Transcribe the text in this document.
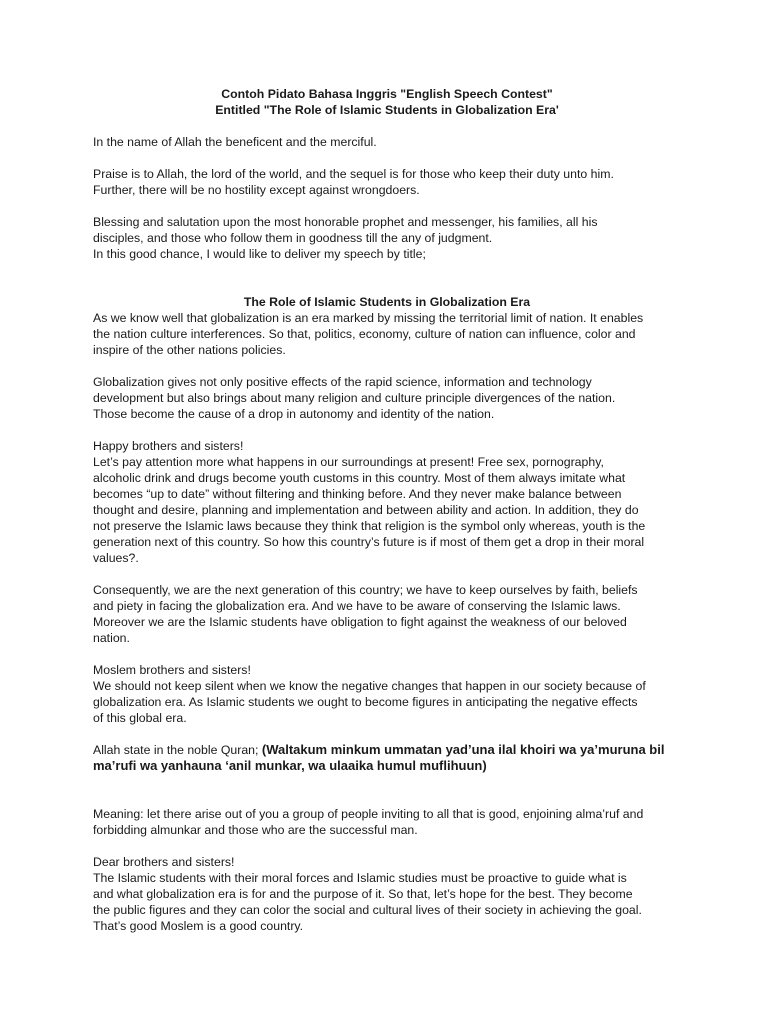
Contoh Pidato Bahasa Inggris "English Speech Contest"

Entitled "The Role of Islamic Students in Globalization Era'

In the name of Allah the beneficent and the merciful.

Praise is to Allah, the lord of the world, and the sequel is for those who keep their duty unto him.
Further, there will be no hostility except against wrongdoers.

Blessing and salutation upon the most honorable prophet and messenger, his families, all his
disciples, and those who follow them in goodness till the any of judgment.
In this good chance, I would like to deliver my speech by title;

The Role of Islamic Students in Globalization Era

As we know well that globalization is an era marked by missing the territorial limit of nation. It enables
the nation culture interferences. So that, politics, economy, culture of nation can influence, color and
inspire of the other nations policies.

Globalization gives not only positive effects of the rapid science, information and technology
development but also brings about many religion and culture principle divergences of the nation.
Those become the cause of a drop in autonomy and identity of the nation.

Happy brothers and sisters!
Let’s pay attention more what happens in our surroundings at present! Free sex, pornography,
alcoholic drink and drugs become youth customs in this country. Most of them always imitate what
becomes “up to date” without filtering and thinking before. And they never make balance between
thought and desire, planning and implementation and between ability and action. In addition, they do
not preserve the Islamic laws because they think that religion is the symbol only whereas, youth is the
generation next of this country. So how this country’s future is if most of them get a drop in their moral
values?.

Consequently, we are the next generation of this country; we have to keep ourselves by faith, beliefs
and piety in facing the globalization era. And we have to be aware of conserving the Islamic laws.
Moreover we are the Islamic students have obligation to fight against the weakness of our beloved
nation.

Moslem brothers and sisters!
We should not keep silent when we know the negative changes that happen in our society because of
globalization era. As Islamic students we ought to become figures in anticipating the negative effects
of this global era.

Allah state in the noble Quran; (Waltakum minkum ummatan yad’una ilal khoiri wa ya’muruna bil
ma’rufi wa yanhauna ‘anil munkar, wa ulaaika humul muflihuun)

Meaning: let there arise out of you a group of people inviting to all that is good, enjoining alma’ruf and
forbidding almunkar and those who are the successful man.

Dear brothers and sisters!
The Islamic students with their moral forces and Islamic studies must be proactive to guide what is
and what globalization era is for and the purpose of it. So that, let’s hope for the best. They become
the public figures and they can color the social and cultural lives of their society in achieving the goal.
That’s good Moslem is a good country.
